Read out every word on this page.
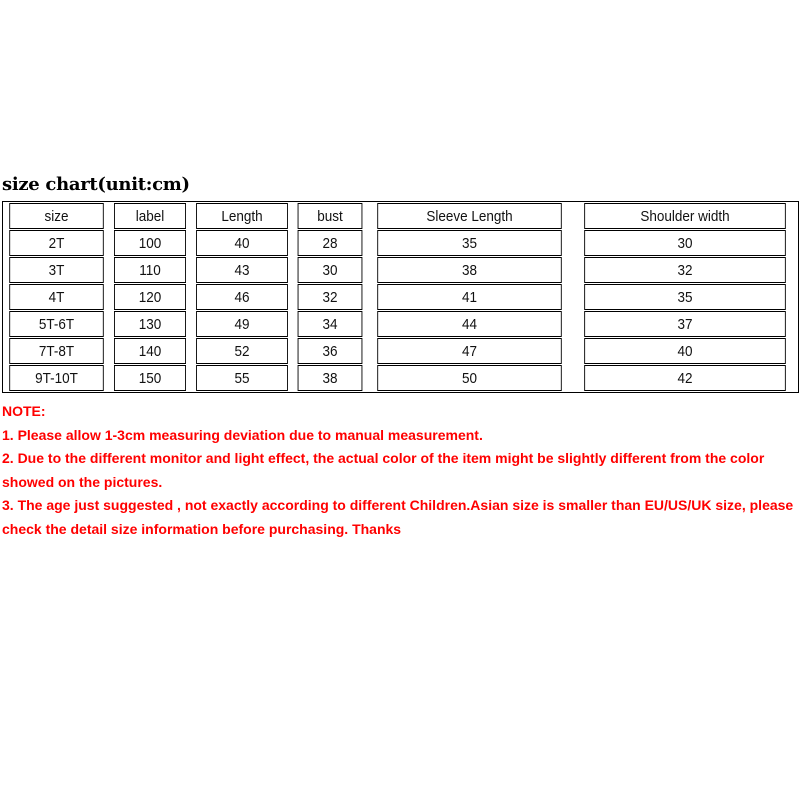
size chart(unit:cm)
size	label	Length	bust	Sleeve Length	Shoulder width
2T	100	40	28	35	30
3T	110	43	30	38	32
4T	120	46	32	41	35
5T-6T	130	49	34	44	37
7T-8T	140	52	36	47	40
9T-10T	150	55	38	50	42

NOTE:

1. Please allow 1-3cm measuring deviation due to manual measurement.

2. Due to the different monitor and light effect, the actual color of the item might be slightly different from the color showed on the pictures.

3. The age just suggested , not exactly according to different Children.Asian size is smaller than EU/US/UK size, please check the detail size information before purchasing. Thanks
